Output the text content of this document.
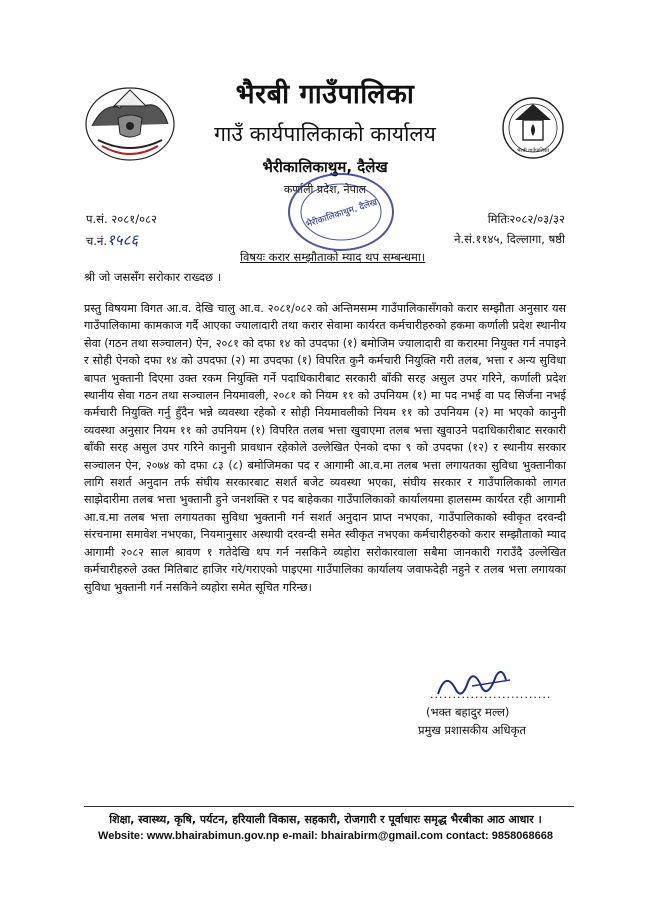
भैरबी गाउँपालिका
गाउँ कार्यपालिकाको कार्यालय
भैरीकालिकाथुम, दैलेख
कर्णाली प्रदेश, नेपाल
भैरबी गाउँपालिका
भैरीकालिकाथुम, दैलेख
प.सं. २०८१/०८२
च.नं.१५८६
मितिः२०८२/०३/३२
ने.सं.११४५, दिल्लागा, षष्ठी
विषयः करार सम्झौताको म्याद थप सम्बन्धमा।
श्री जो जससँग सरोकार राख्दछ ।
प्रस्तु विषयमा विगत आ.व. देखि चालु आ.व. २०८१/०८२ को अन्तिमसम्म गाउँपालिकासँगको करार सम्झौता अनुसार यस गाउँपालिकामा कामकाज गर्दै आएका ज्यालादारी तथा करार सेवामा कार्यरत कर्मचारीहरुको हकमा कर्णाली प्रदेश स्थानीय सेवा (गठन तथा सञ्चालन) ऐन, २०८१ को दफा १४ को उपदफा (१) बमोजिम ज्यालादारी वा करारमा नियुक्त गर्न नपाइने र सोही ऐनको दफा १४ को उपदफा (२) मा उपदफा (१) विपरित कुनै कर्मचारी नियुक्ति गरी तलब, भत्ता र अन्य सुविधा बापत भुक्तानी दिएमा उक्त रकम नियुक्ति गर्ने पदाधिकारीबाट सरकारी बाँकी सरह असुल उपर गरिने, कर्णाली प्रदेश स्थानीय सेवा गठन तथा सञ्चालन नियमावली, २०८१ को नियम ११ को उपनियम (१) मा पद नभई वा पद सिर्जना नभई कर्मचारी नियुक्ति गर्नु हुँदैन भन्ने व्यवस्था रहेको र सोही नियमावलीको नियम ११ को उपनियम (२) मा भएको कानुनी व्यवस्था अनुसार नियम ११ को उपनियम (१) विपरित तलब भत्ता खुवाएमा तलब भत्ता खुवाउने पदाधिकारीबाट सरकारी बाँकी सरह असुल उपर गरिने कानुनी प्रावधान रहेकोले उल्लेखित ऐनको दफा ९ को उपदफा (१२) र स्थानीय सरकार सञ्चालन ऐन, २०७४ को दफा ८३ (८) बमोजिमका पद र आगामी आ.व.मा तलब भत्ता लगायतका सुविधा भुक्तानीका लागि सशर्त अनुदान तर्फ संघीय सरकारबाट सशर्त बजेट व्यवस्था भएका, संघीय सरकार र गाउँपालिकाको लागत साझेदारीमा तलब भत्ता भुक्तानी हुने जनशक्ति र पद बाहेकका गाउँपालिकाको कार्यालयमा हालसम्म कार्यरत रही आगामी आ.व.मा तलब भत्ता लगायतका सुविधा भुक्तानी गर्न सशर्त अनुदान प्राप्त नभएका, गाउँपालिकाको स्वीकृत दरवन्दी संरचनामा समावेश नभएका, नियमानुसार अस्थायी दरवन्दी समेत स्वीकृत नभएका कर्मचारीहरुको करार सम्झौताको म्याद आगामी २०८२ साल श्रावण १ गतेदेखि थप गर्न नसकिने व्यहोरा सरोकारवाला सबैमा जानकारी गराउँदै उल्लेखित कर्मचारीहरुले उक्त मितिबाट हाजिर गरे/गराएको पाइएमा गाउँपालिका कार्यालय जवाफदेही नहुने र तलब भत्ता लगायका सुविधा भुक्तानी गर्न नसकिने व्यहोरा समेत सूचित गरिन्छ।
...........................
(भक्त बहादुर मल्ल)
प्रमुख प्रशासकीय अधिकृत
शिक्षा, स्वास्थ्य, कृषि, पर्यटन, हरियाली विकास, सहकारी, रोजगारी र पूर्वाधारः समृद्ध भैरबीका आठ आधार ।
Website: www.bhairabimun.gov.np e-mail: bhairabirm@gmail.com contact: 9858068668
